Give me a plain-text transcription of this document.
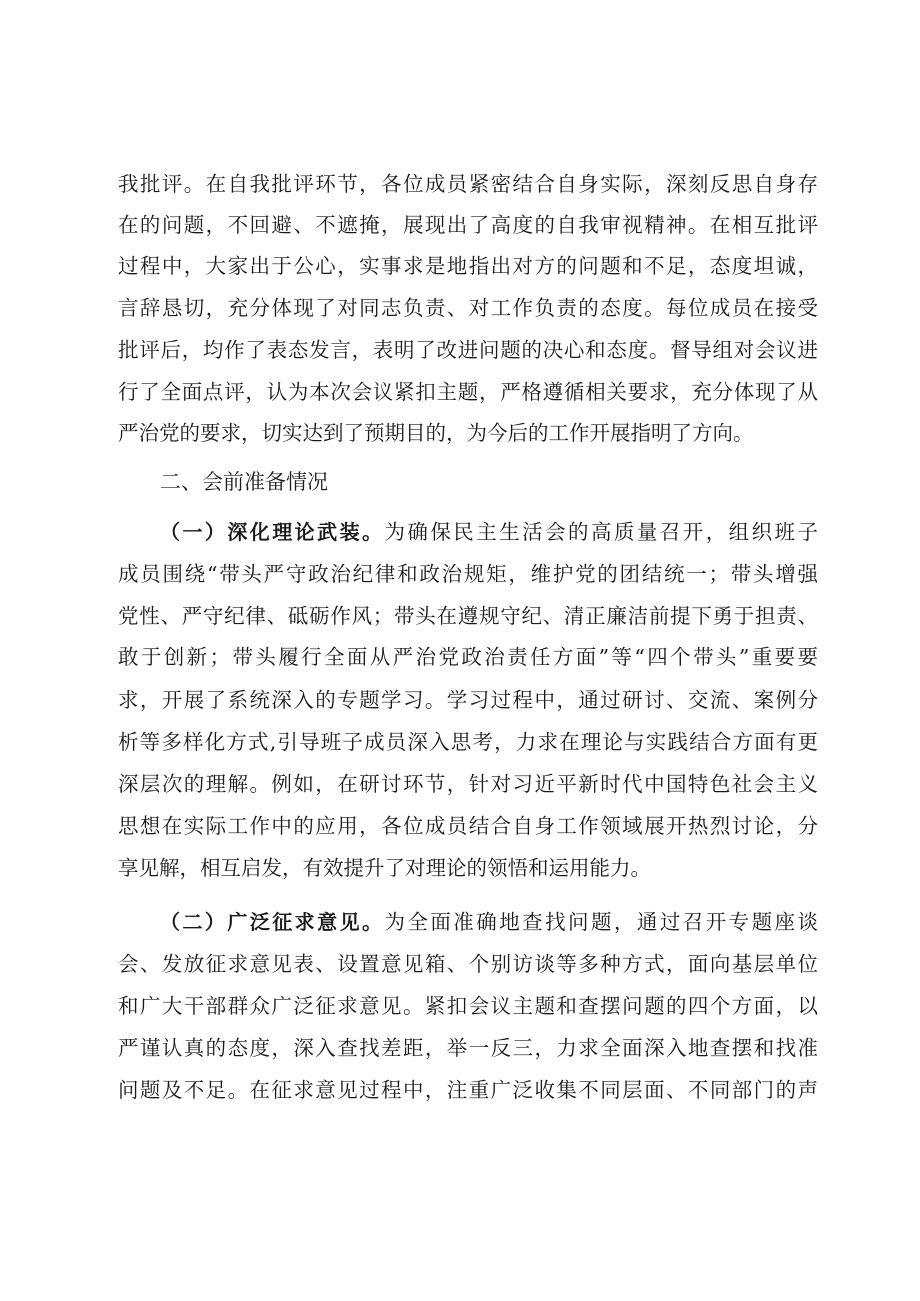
我批评。在自我批评环节，各位成员紧密结合自身实际，深刻反思自身存
在的问题，不回避、不遮掩，展现出了高度的自我审视精神。在相互批评
过程中，大家出于公心，实事求是地指出对方的问题和不足，态度坦诚，
言辞恳切，充分体现了对同志负责、对工作负责的态度。每位成员在接受
批评后，均作了表态发言，表明了改进问题的决心和态度。督导组对会议进
行了全面点评，认为本次会议紧扣主题，严格遵循相关要求，充分体现了从
严治党的要求，切实达到了预期目的，为今后的工作开展指明了方向。
二、会前准备情况
（一）深化理论武装。为确保民主生活会的高质量召开，组织班子
成员围绕“带头严守政治纪律和政治规矩，维护党的团结统一；带头增强
党性、严守纪律、砥砺作风；带头在遵规守纪、清正廉洁前提下勇于担责、
敢于创新；带头履行全面从严治党政治责任方面”等“四个带头”重要要
求，开展了系统深入的专题学习。学习过程中，通过研讨、交流、案例分
析等多样化方式,引导班子成员深入思考，力求在理论与实践结合方面有更
深层次的理解。例如，在研讨环节，针对习近平新时代中国特色社会主义
思想在实际工作中的应用，各位成员结合自身工作领域展开热烈讨论，分
享见解，相互启发，有效提升了对理论的领悟和运用能力。
（二）广泛征求意见。为全面准确地查找问题，通过召开专题座谈
会、发放征求意见表、设置意见箱、个别访谈等多种方式，面向基层单位
和广大干部群众广泛征求意见。紧扣会议主题和查摆问题的四个方面，以
严谨认真的态度，深入查找差距，举一反三，力求全面深入地查摆和找准
问题及不足。在征求意见过程中，注重广泛收集不同层面、不同部门的声
